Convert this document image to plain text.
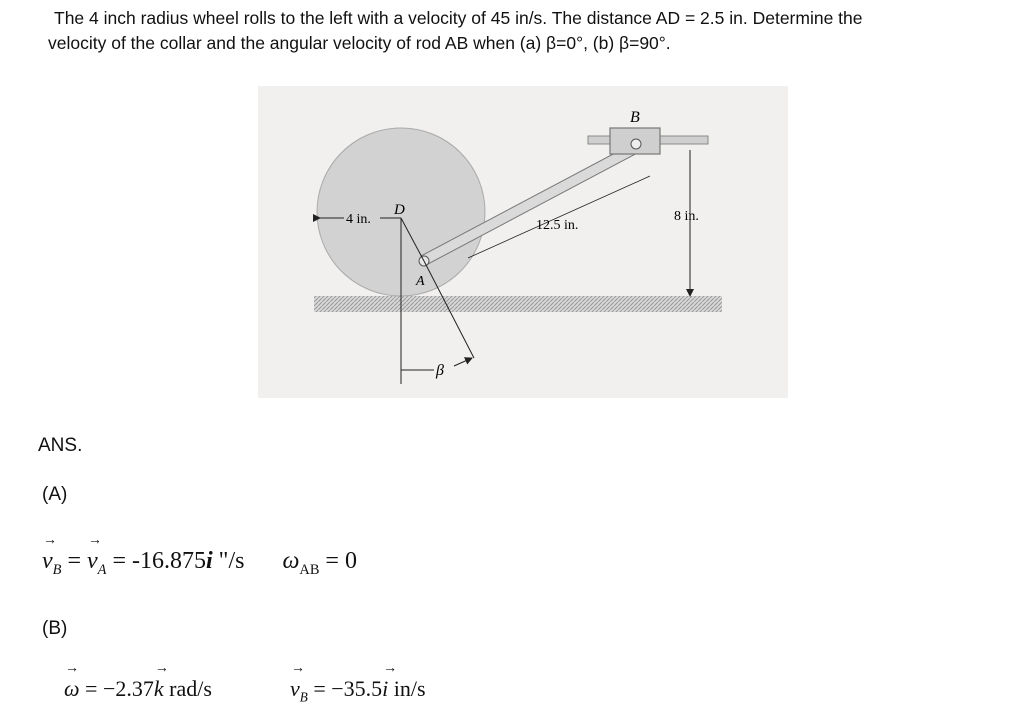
The 4 inch radius wheel rolls to the left with a velocity of 45 in/s. The distance AD = 2.5 in. Determine the
velocity of the collar and the angular velocity of rod AB when (a) β=0°, (b) β=90°.
B
4 in.
D
A
12.5 in.
8 in.
β
ANS.
(A)
→ $v_B$ = → $v_A = -16.875i$ "/s $\omega_{AB} = 0$
(B)
→ ω = −2.37→ k rad/s
→	$v_B = -35.5\to i$ in/s
